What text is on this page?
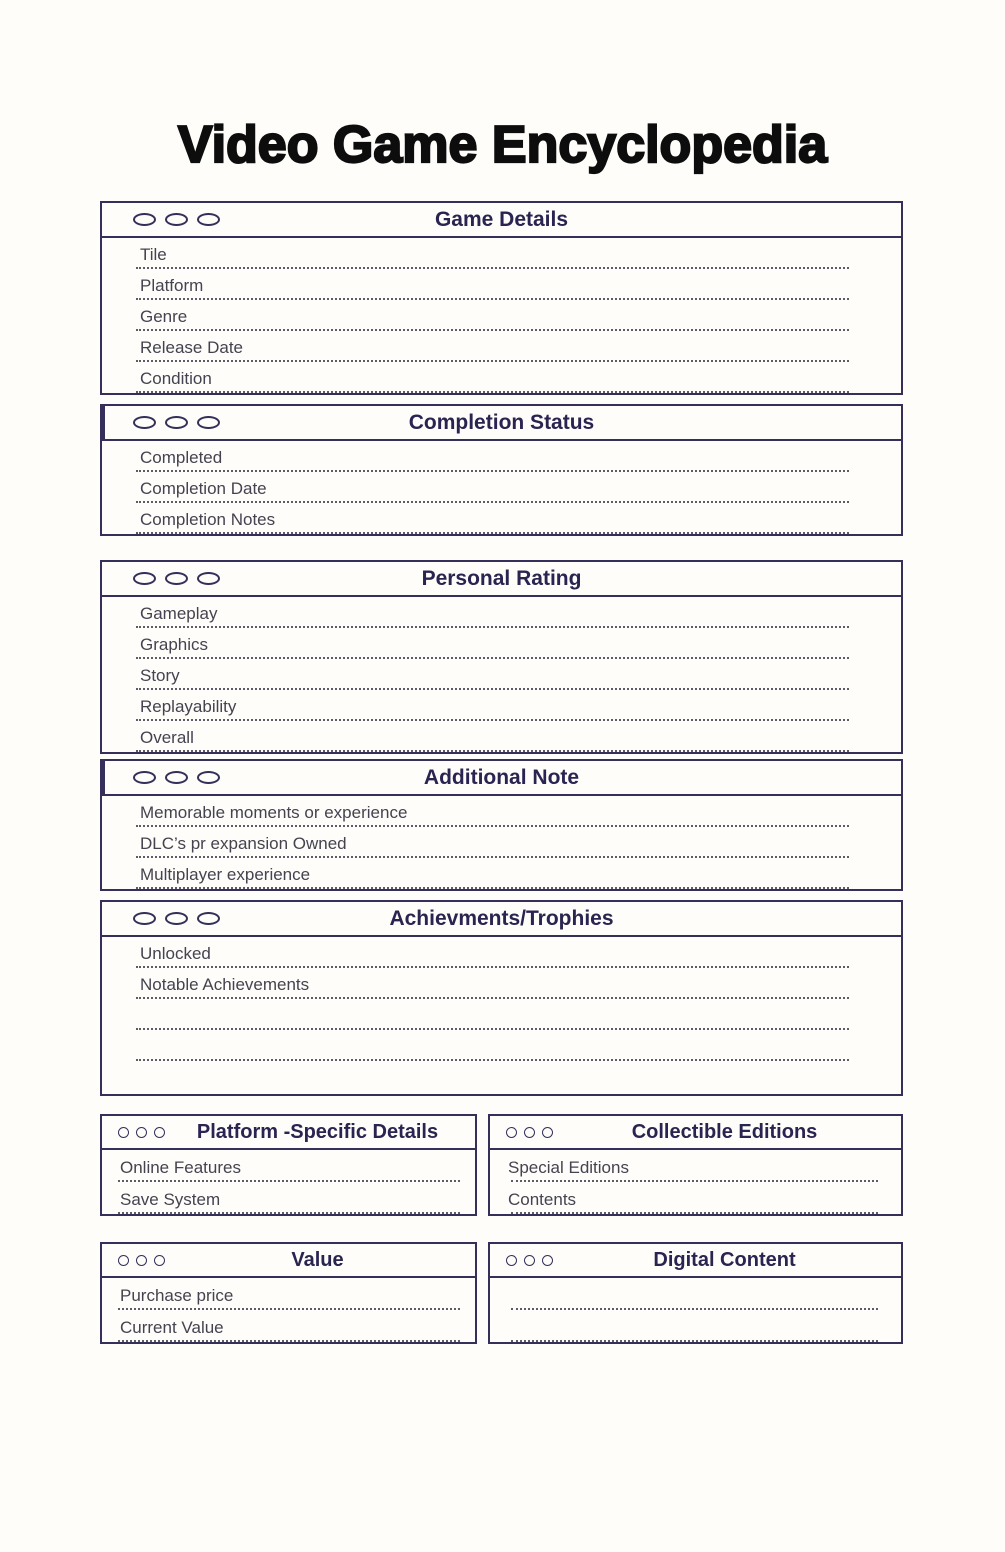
Video Game Encyclopedia
Game Details
Tile
Platform
Genre
Release Date
Condition
Completion Status
Completed
Completion Date
Completion Notes
Personal Rating
Gameplay
Graphics
Story
Replayability
Overall
Additional Note
Memorable moments or experience
DLC’s pr expansion Owned
Multiplayer experience
Achievments/Trophies
Unlocked
Notable Achievements
Platform -Specific Details
Online Features
Save System
Collectible Editions
Special Editions
Contents
Value
Purchase price
Current Value
Digital Content
